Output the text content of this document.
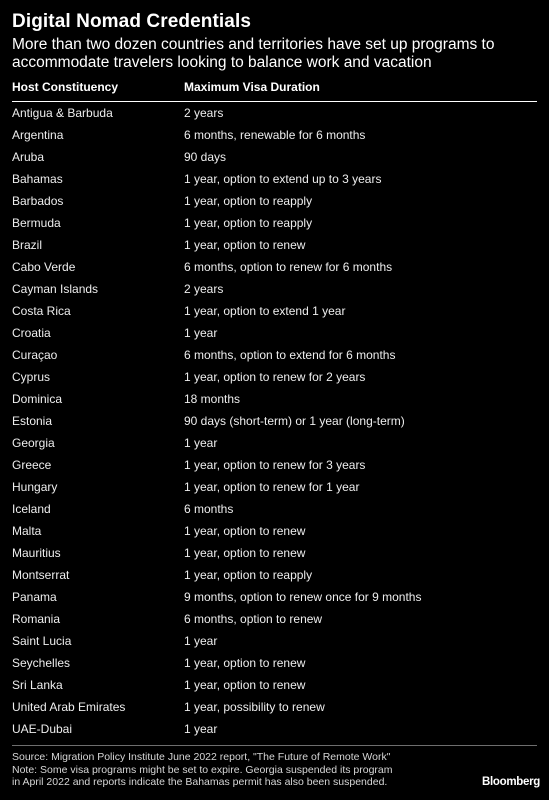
Digital Nomad Credentials
More than two dozen countries and territories have set up programs to accommodate travelers looking to balance work and vacation
Host Constituency	Maximum Visa Duration
Antigua & Barbuda	2 years
Argentina	6 months, renewable for 6 months
Aruba	90 days
Bahamas	1 year, option to extend up to 3 years
Barbados	1 year, option to reapply
Bermuda	1 year, option to reapply
Brazil	1 year, option to renew
Cabo Verde	6 months, option to renew for 6 months
Cayman Islands	2 years
Costa Rica	1 year, option to extend 1 year
Croatia	1 year
Curaçao	6 months, option to extend for 6 months
Cyprus	1 year, option to renew for 2 years
Dominica	18 months
Estonia	90 days (short-term) or 1 year (long-term)
Georgia	1 year
Greece	1 year, option to renew for 3 years
Hungary	1 year, option to renew for 1 year
Iceland	6 months
Malta	1 year, option to renew
Mauritius	1 year, option to renew
Montserrat	1 year, option to reapply
Panama	9 months, option to renew once for 9 months
Romania	6 months, option to renew
Saint Lucia	1 year
Seychelles	1 year, option to renew
Sri Lanka	1 year, option to renew
United Arab Emirates	1 year, possibility to renew
UAE-Dubai	1 year
Source: Migration Policy Institute June 2022 report, "The Future of Remote Work"
Note: Some visa programs might be set to expire. Georgia suspended its program
in April 2022 and reports indicate the Bahamas permit has also been suspended.	Bloomberg
